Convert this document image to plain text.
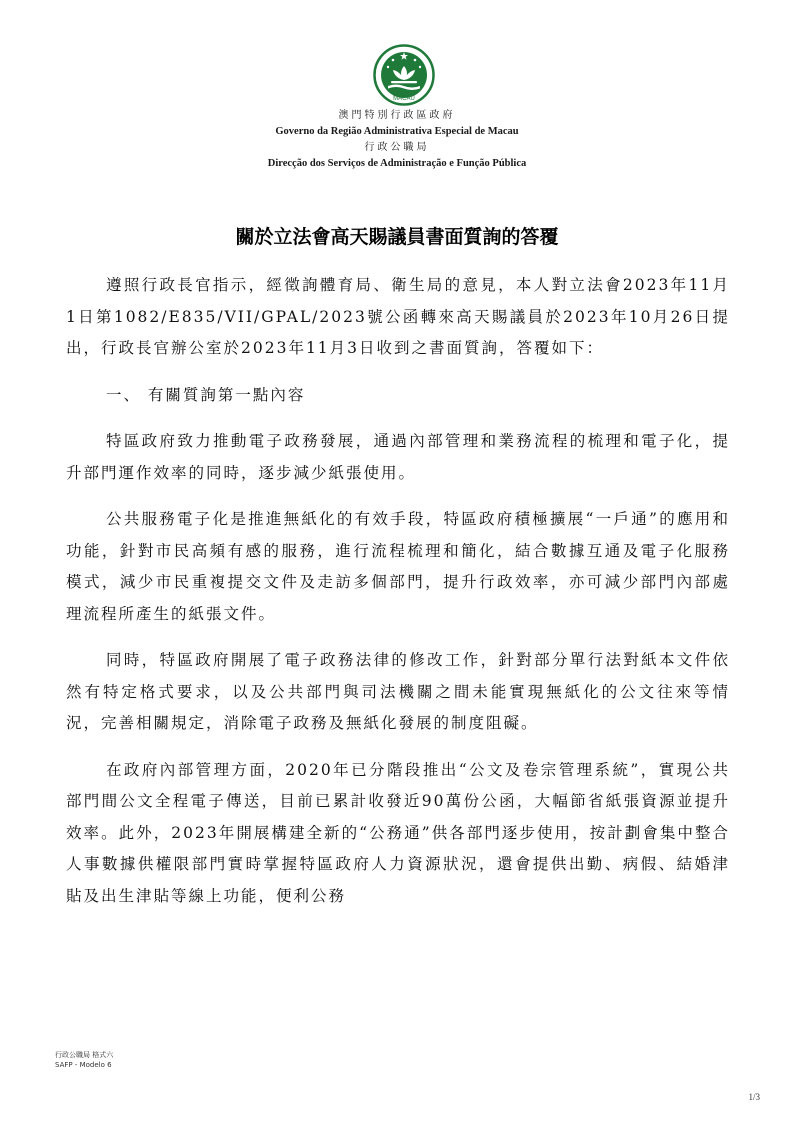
MACAU
澳門特別行政區政府
Governo da Região Administrativa Especial de Macau
行政公職局
Direcção dos Serviços de Administração e Função Pública
關於立法會高天賜議員書面質詢的答覆

遵照行政長官指示，經徵詢體育局、衛生局的意見，本人對立法會2023年11月1日第1082/E835/VII/GPAL/2023號公函轉來高天賜議員於2023年10月26日提出，行政長官辦公室於2023年11月3日收到之書面質詢，答覆如下：

一、 有關質詢第一點內容

特區政府致力推動電子政務發展，通過內部管理和業務流程的梳理和電子化，提升部門運作效率的同時，逐步減少紙張使用。

公共服務電子化是推進無紙化的有效手段，特區政府積極擴展“一戶通”的應用和功能，針對市民高頻有感的服務，進行流程梳理和簡化，結合數據互通及電子化服務模式，減少市民重複提交文件及走訪多個部門，提升行政效率，亦可減少部門內部處理流程所產生的紙張文件。

同時，特區政府開展了電子政務法律的修改工作，針對部分單行法對紙本文件依然有特定格式要求，以及公共部門與司法機關之間未能實現無紙化的公文往來等情況，完善相關規定，消除電子政務及無紙化發展的制度阻礙。

在政府內部管理方面，2020年已分階段推出“公文及卷宗管理系統”，實現公共部門間公文全程電子傳送，目前已累計收發近90萬份公函，大幅節省紙張資源並提升效率。此外，2023年開展構建全新的“公務通”供各部門逐步使用，按計劃會集中整合人事數據供權限部門實時掌握特區政府人力資源狀況，還會提供出勤、病假、結婚津貼及出生津貼等線上功能，便利公務

行政公職局 格式六
SAFP - Modelo 6
1/3
